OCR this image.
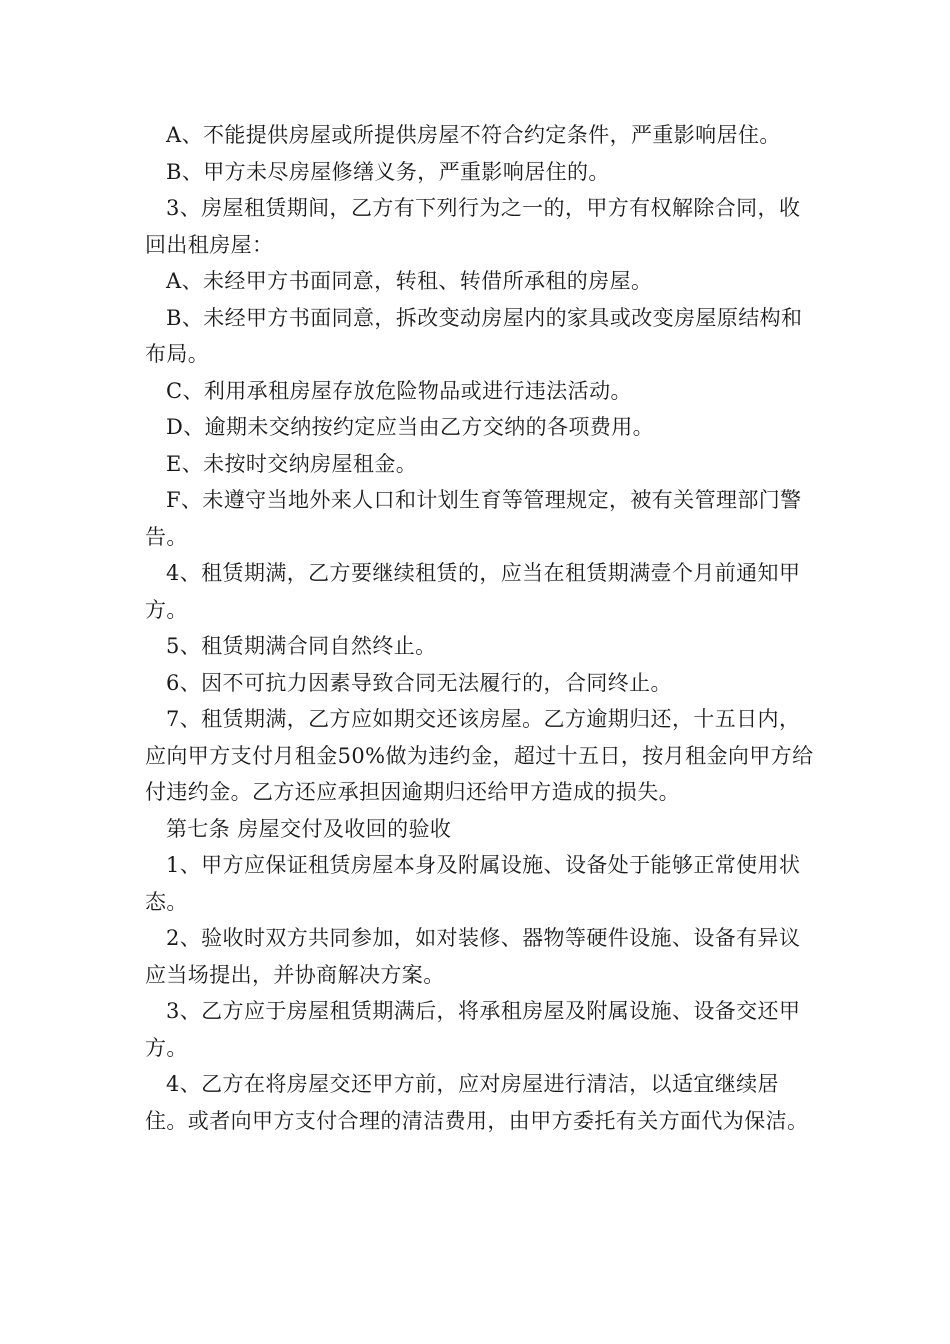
A、不能提供房屋或所提供房屋不符合约定条件，严重影响居住。

B、甲方未尽房屋修缮义务，严重影响居住的。

3、房屋租赁期间，乙方有下列行为之一的，甲方有权解除合同，收回出租房屋：

A、未经甲方书面同意，转租、转借所承租的房屋。

B、未经甲方书面同意，拆改变动房屋内的家具或改变房屋原结构和布局。

C、利用承租房屋存放危险物品或进行违法活动。

D、逾期未交纳按约定应当由乙方交纳的各项费用。

E、未按时交纳房屋租金。

F、未遵守当地外来人口和计划生育等管理规定，被有关管理部门警告。

4、租赁期满，乙方要继续租赁的，应当在租赁期满壹个月前通知甲方。

5、租赁期满合同自然终止。

6、因不可抗力因素导致合同无法履行的，合同终止。

7、租赁期满，乙方应如期交还该房屋。乙方逾期归还，十五日内，应向甲方支付月租金50%做为违约金，超过十五日，按月租金向甲方给付违约金。乙方还应承担因逾期归还给甲方造成的损失。

第七条 房屋交付及收回的验收

1、甲方应保证租赁房屋本身及附属设施、设备处于能够正常使用状态。

2、验收时双方共同参加，如对装修、器物等硬件设施、设备有异议应当场提出，并协商解决方案。

3、乙方应于房屋租赁期满后，将承租房屋及附属设施、设备交还甲方。

4、乙方在将房屋交还甲方前，应对房屋进行清洁，以适宜继续居住。或者向甲方支付合理的清洁费用，由甲方委托有关方面代为保洁。
